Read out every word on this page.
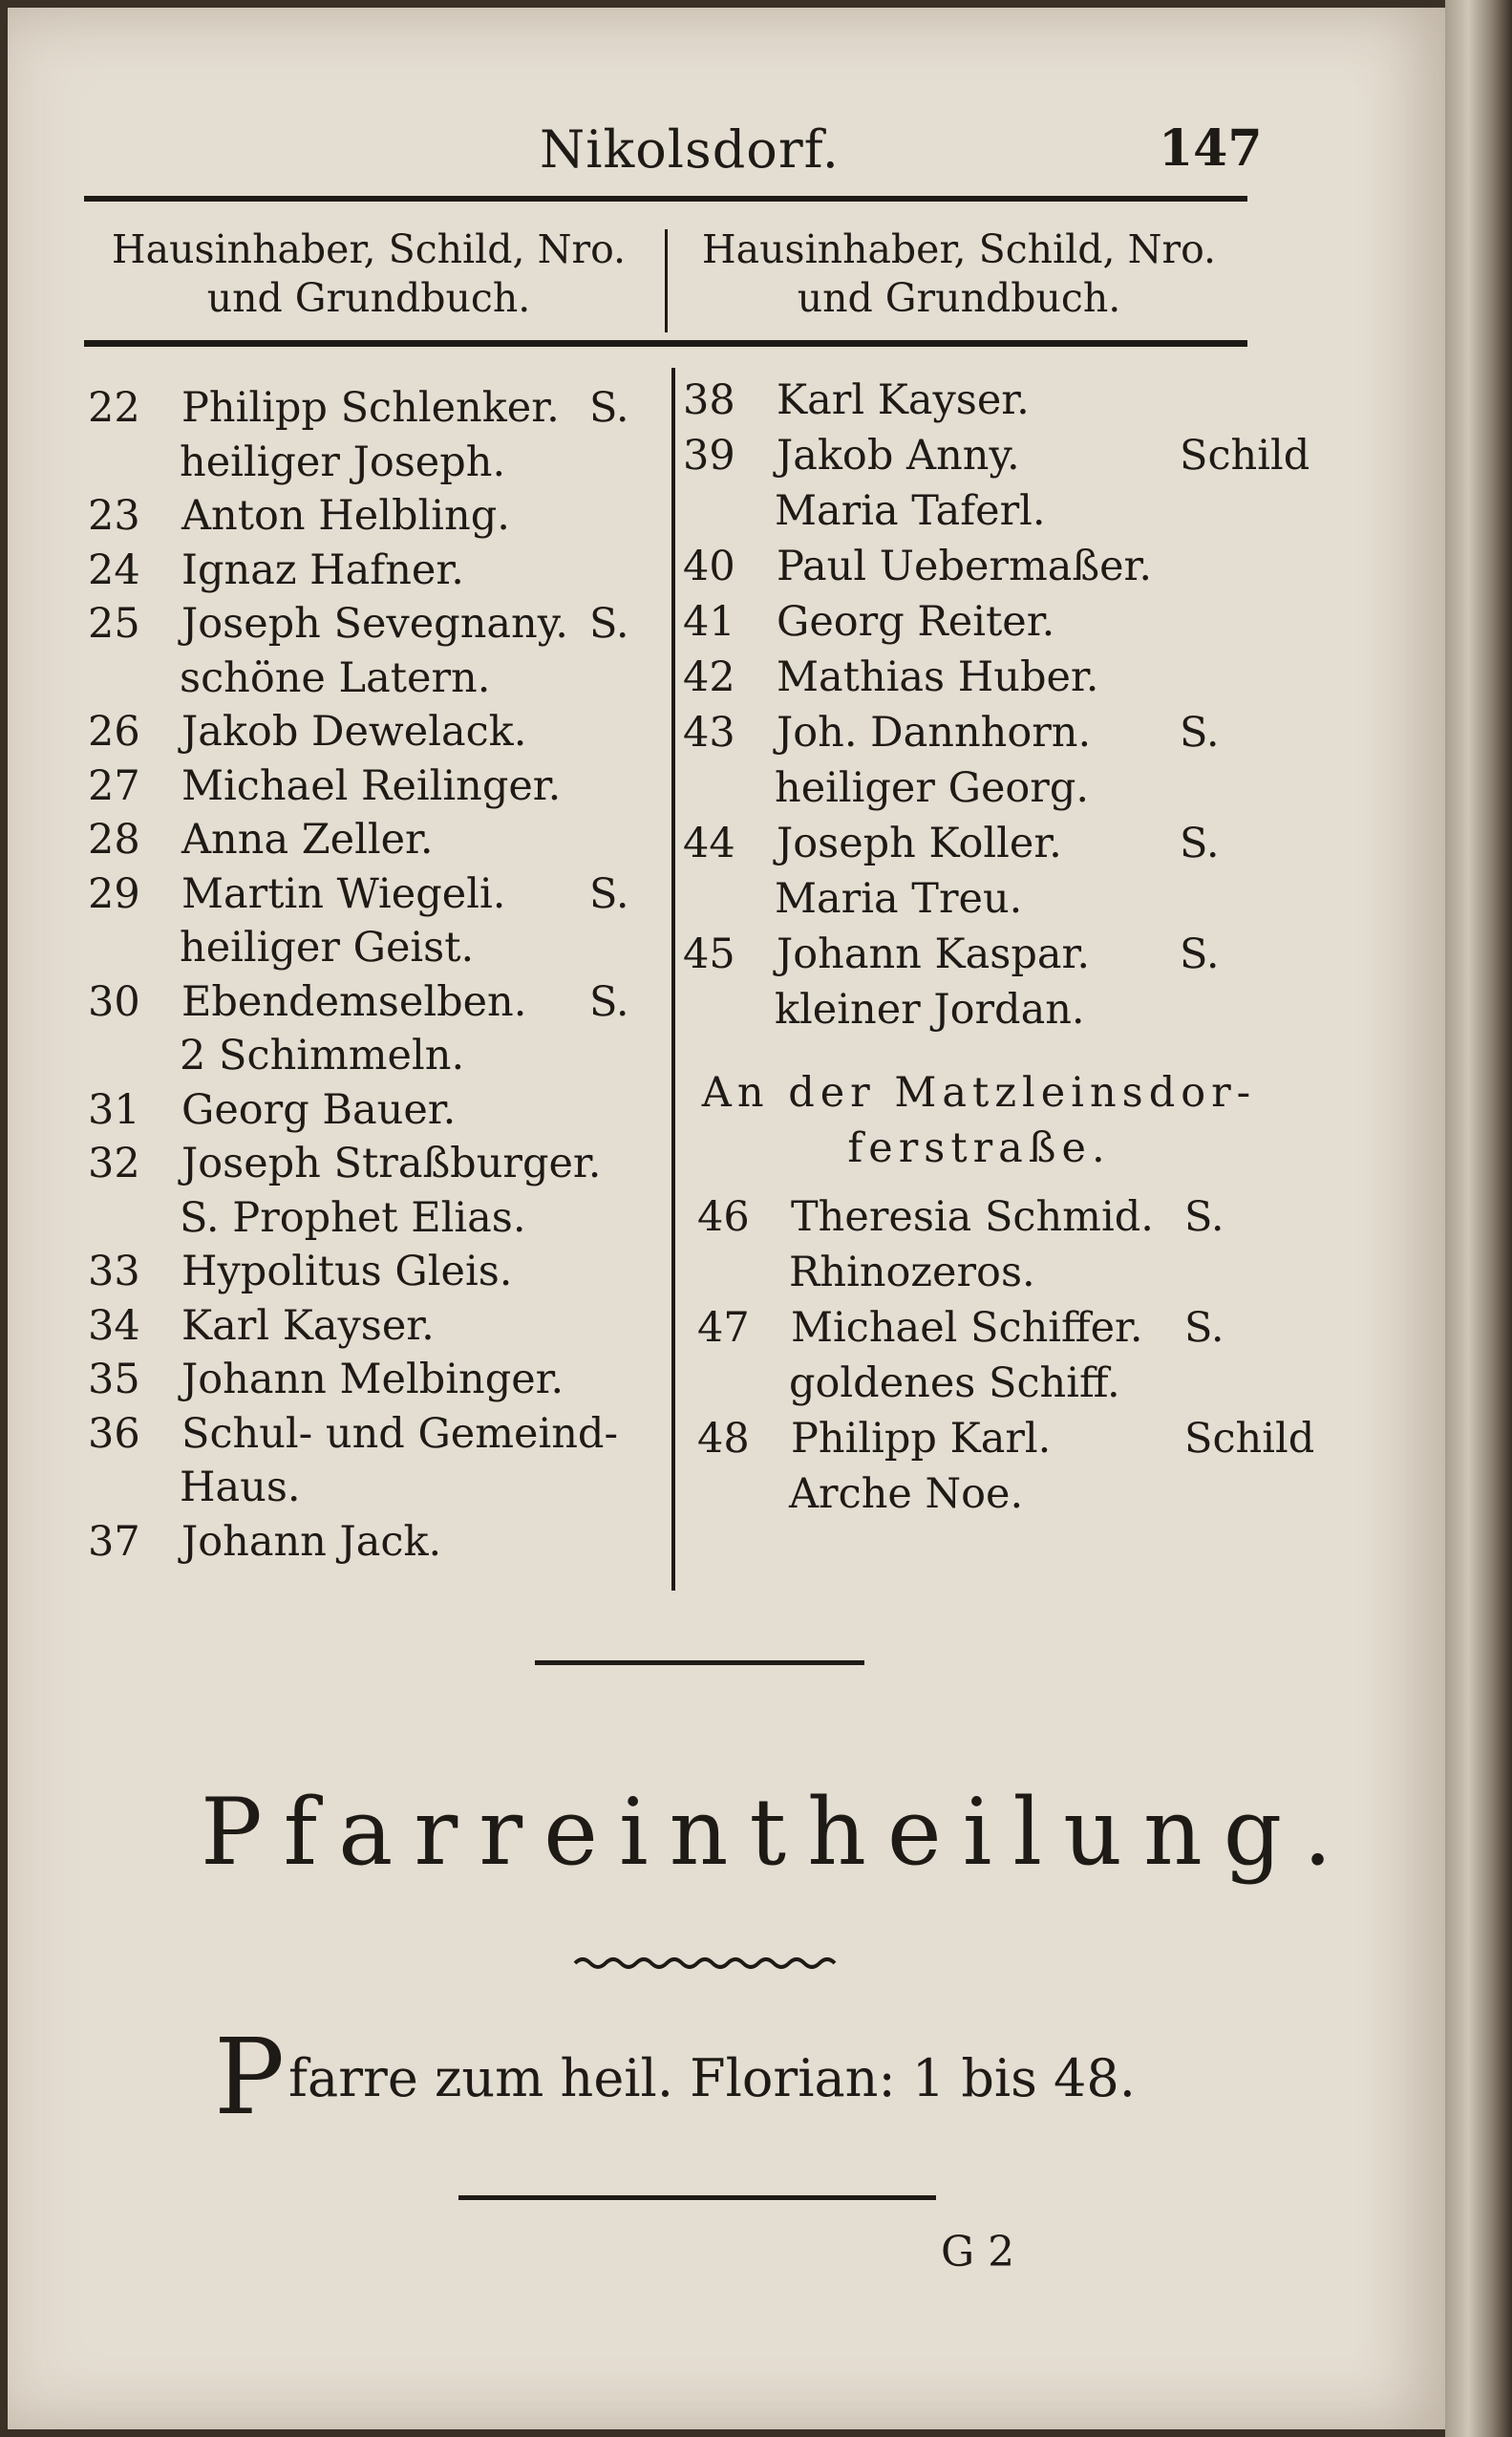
Nikolsdorf.	147
Hausinhaber, Schild, Nro.
und Grundbuch.
Hausinhaber, Schild, Nro.
und Grundbuch.
22 Philipp Schlenker. S.
heiliger Joseph.
23 Anton Helbling.
24 Ignaz Hafner.
25 Joseph Sevegnany. S.
schöne Latern.
26 Jakob Dewelack.
27 Michael Reilinger.
28 Anna Zeller.
29 Martin Wiegeli. S.
heiliger Geist.
30 Ebendemselben. S.
2 Schimmeln.
31 Georg Bauer.
32 Joseph Straßburger.
S. Prophet Elias.
33 Hypolitus Gleis.
34 Karl Kayser.
35 Johann Melbinger.
36 Schul- und Gemeind-
Haus.
37 Johann Jack.
38 Karl Kayser.
39 Jakob Anny.	Schild
Maria Taferl.
40 Paul Uebermaßer.
41 Georg Reiter.
42 Mathias Huber.
43 Joh. Dannhorn. S.
heiliger Georg.
44 Joseph Koller.	S.
Maria Treu.
45 Johann Kaspar. S.
kleiner Jordan.
An der Matzleinsdor-
ferstraße.
46 Theresia Schmid. S.
Rhinozeros.
47 Michael Schiffer. S.
goldenes Schiff.
48 Philipp Karl.	Schild
Arche Noe.
Pfarreintheilung.
Pfarre zum heil. Florian: 1 bis 48.
G 2
